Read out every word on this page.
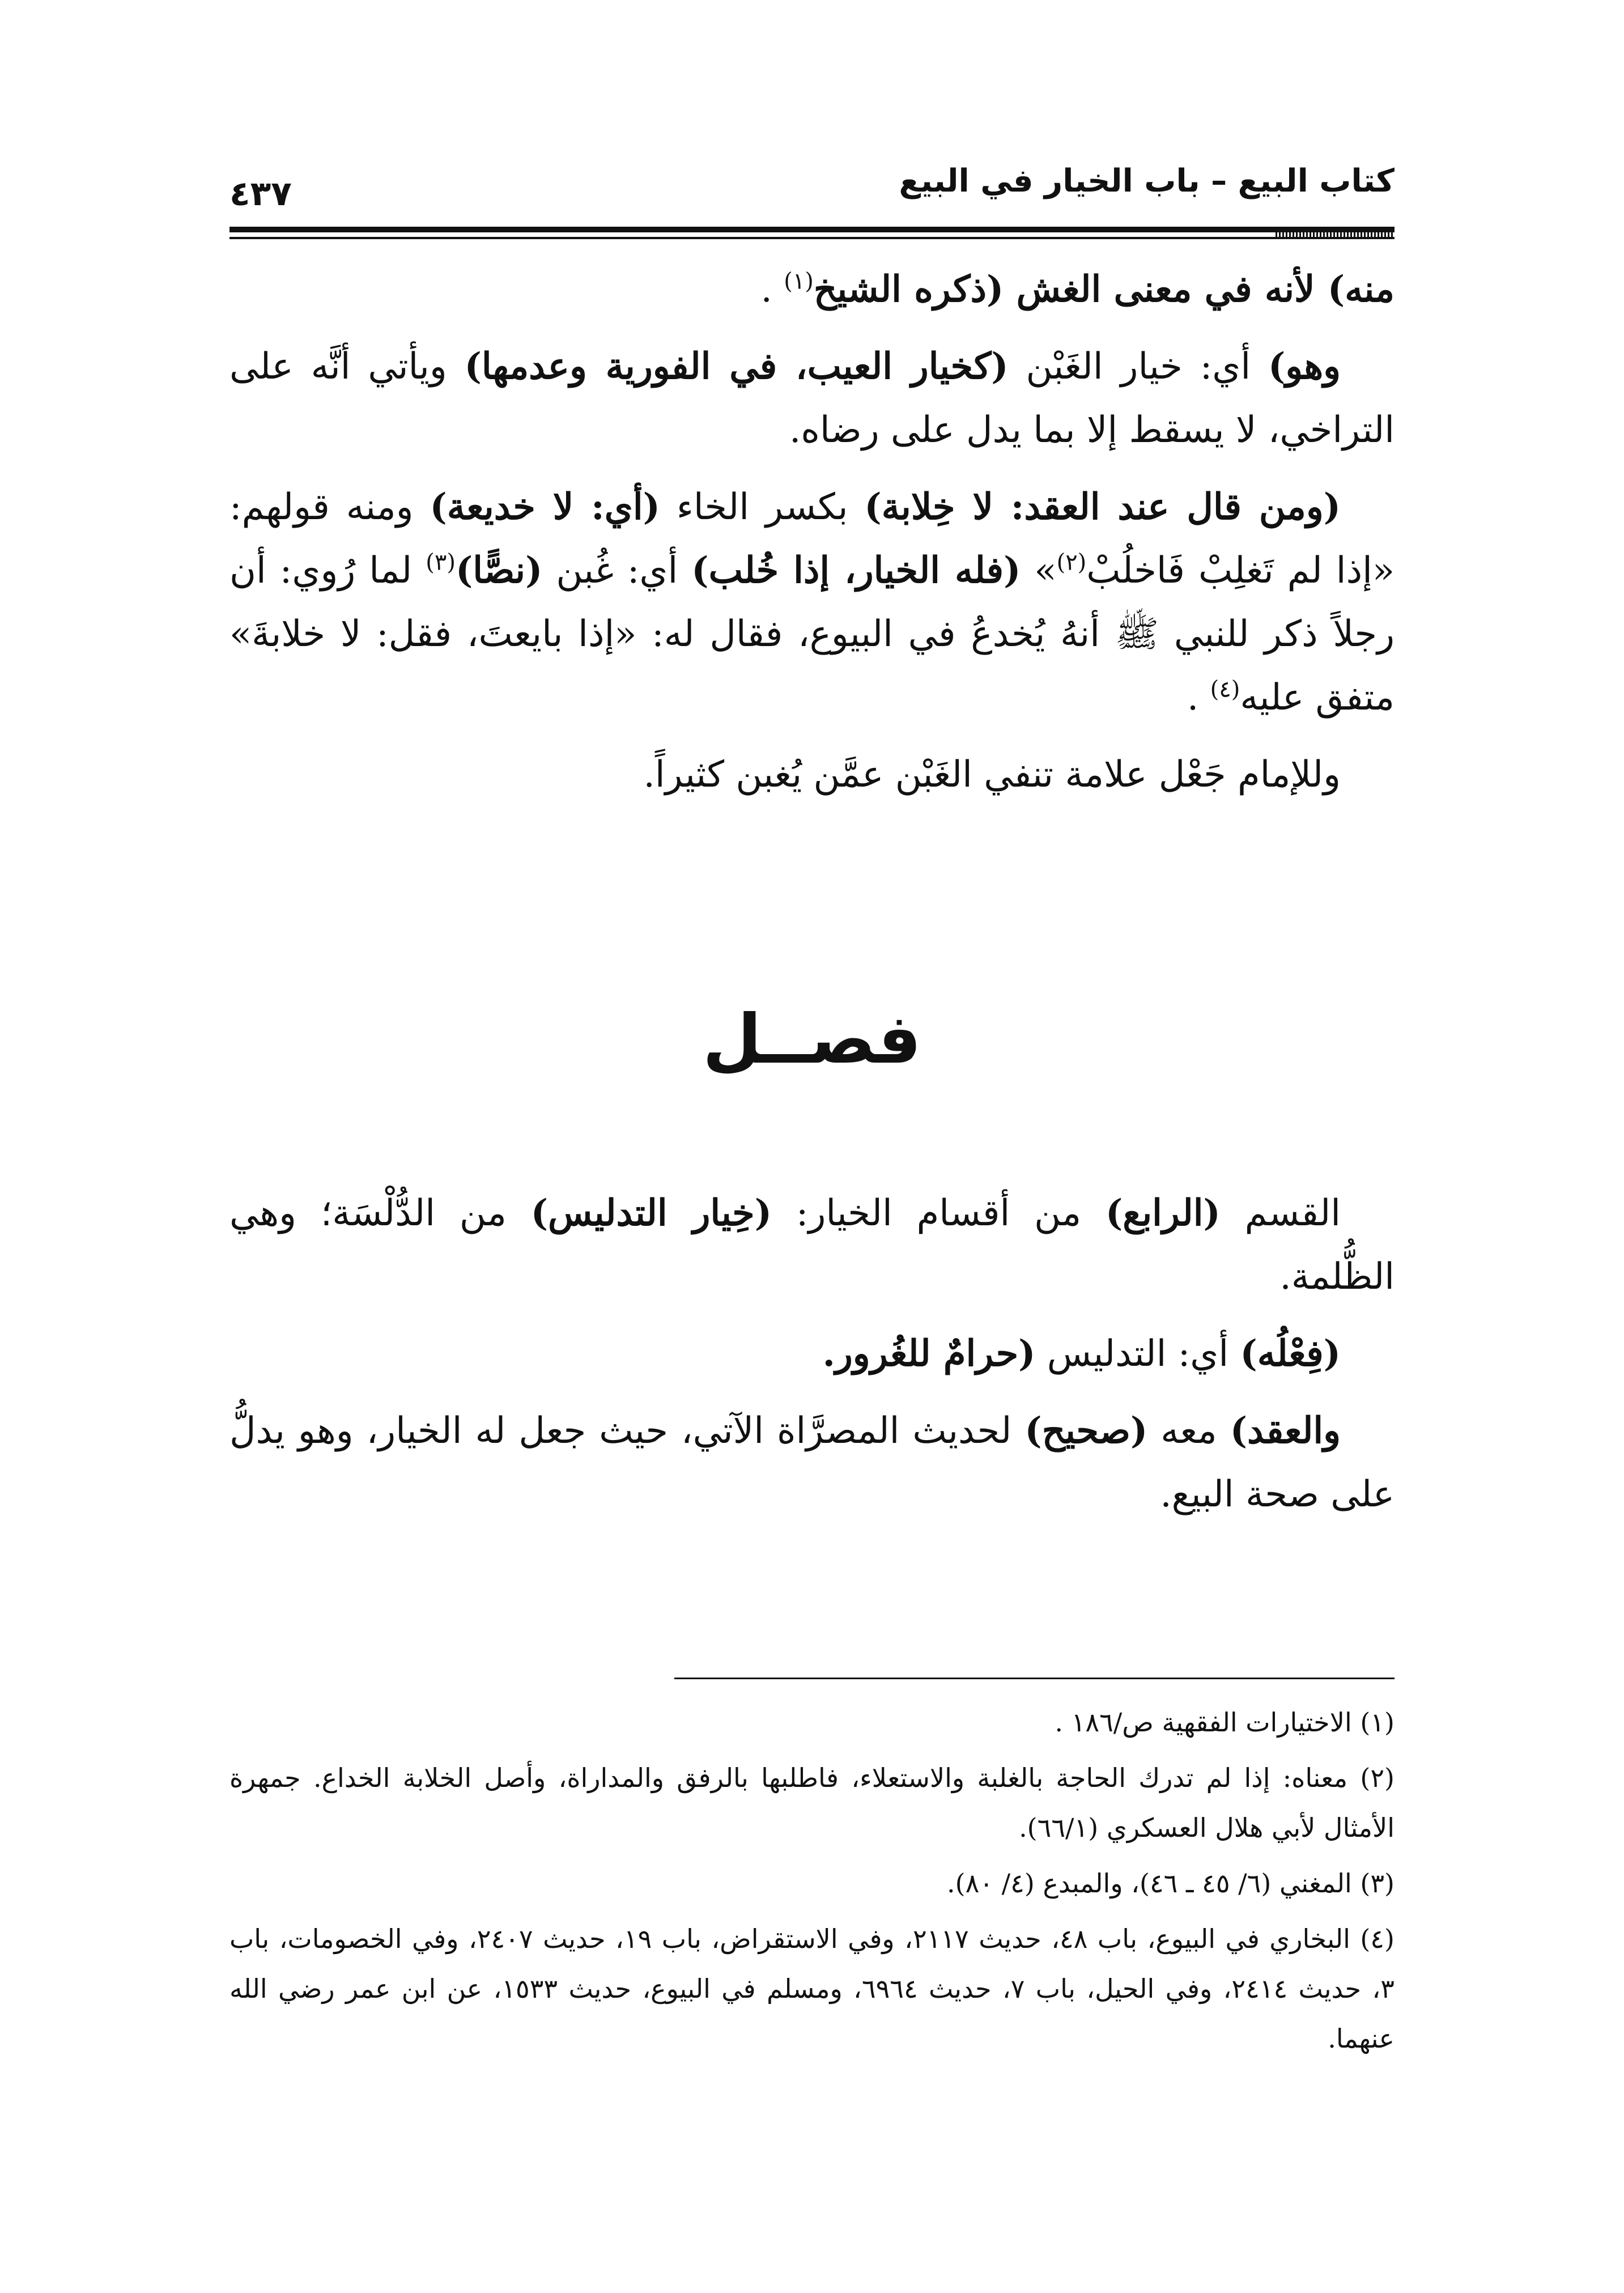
كتاب البيع – باب الخيار في البيع
٤٣٧

منه) لأنه في معنى الغش (ذكره الشيخ$^{(١)}$ .

وهو) أي: خيار الغَبْن (كخيار العيب، في الفورية وعدمها) ويأتي أنَّه على التراخي، لا يسقط إلا بما يدل على رضاه.

(ومن قال عند العقد: لا خِلابة) بكسر الخاء (أي: لا خديعة) ومنه قولهم: «إذا لم تَغلِبْ فَاخلُبْ$^{(٢)}$» (فله الخيار، إذا خُلب) أي: غُبن (نصًّا)$^{(٣)}$ لما رُوي: أن رجلاً ذكر للنبي ﷺ أنهُ يُخدعُ في البيوع، فقال له: «إذا بايعتَ، فقل: لا خلابةَ» متفق عليه$^{(٤)}$ .

وللإمام جَعْل علامة تنفي الغَبْن عمَّن يُغبن كثيراً.

فصــل

القسم (الرابع) من أقسام الخيار: (خِيار التدليس) من الدُّلْسَة؛ وهي الظُّلمة.

(فِعْلُه) أي: التدليس (حرامٌ للغُرور.

والعقد) معه (صحيح) لحديث المصرَّاة الآتي، حيث جعل له الخيار، وهو يدلُّ على صحة البيع.

(١) الاختيارات الفقهية ص/١٨٦ .

(٢) معناه: إذا لم تدرك الحاجة بالغلبة والاستعلاء، فاطلبها بالرفق والمداراة، وأصل الخلابة الخداع. جمهرة الأمثال لأبي هلال العسكري (٦٦/١).

(٣) المغني (٦/ ٤٥ ـ ٤٦)، والمبدع (٤/ ٨٠).

(٤) البخاري في البيوع، باب ٤٨، حديث ٢١١٧، وفي الاستقراض، باب ١٩، حديث ٢٤٠٧، وفي الخصومات، باب ٣، حديث ٢٤١٤، وفي الحيل، باب ٧، حديث ٦٩٦٤، ومسلم في البيوع، حديث ١٥٣٣، عن ابن عمر رضي الله عنهما.
